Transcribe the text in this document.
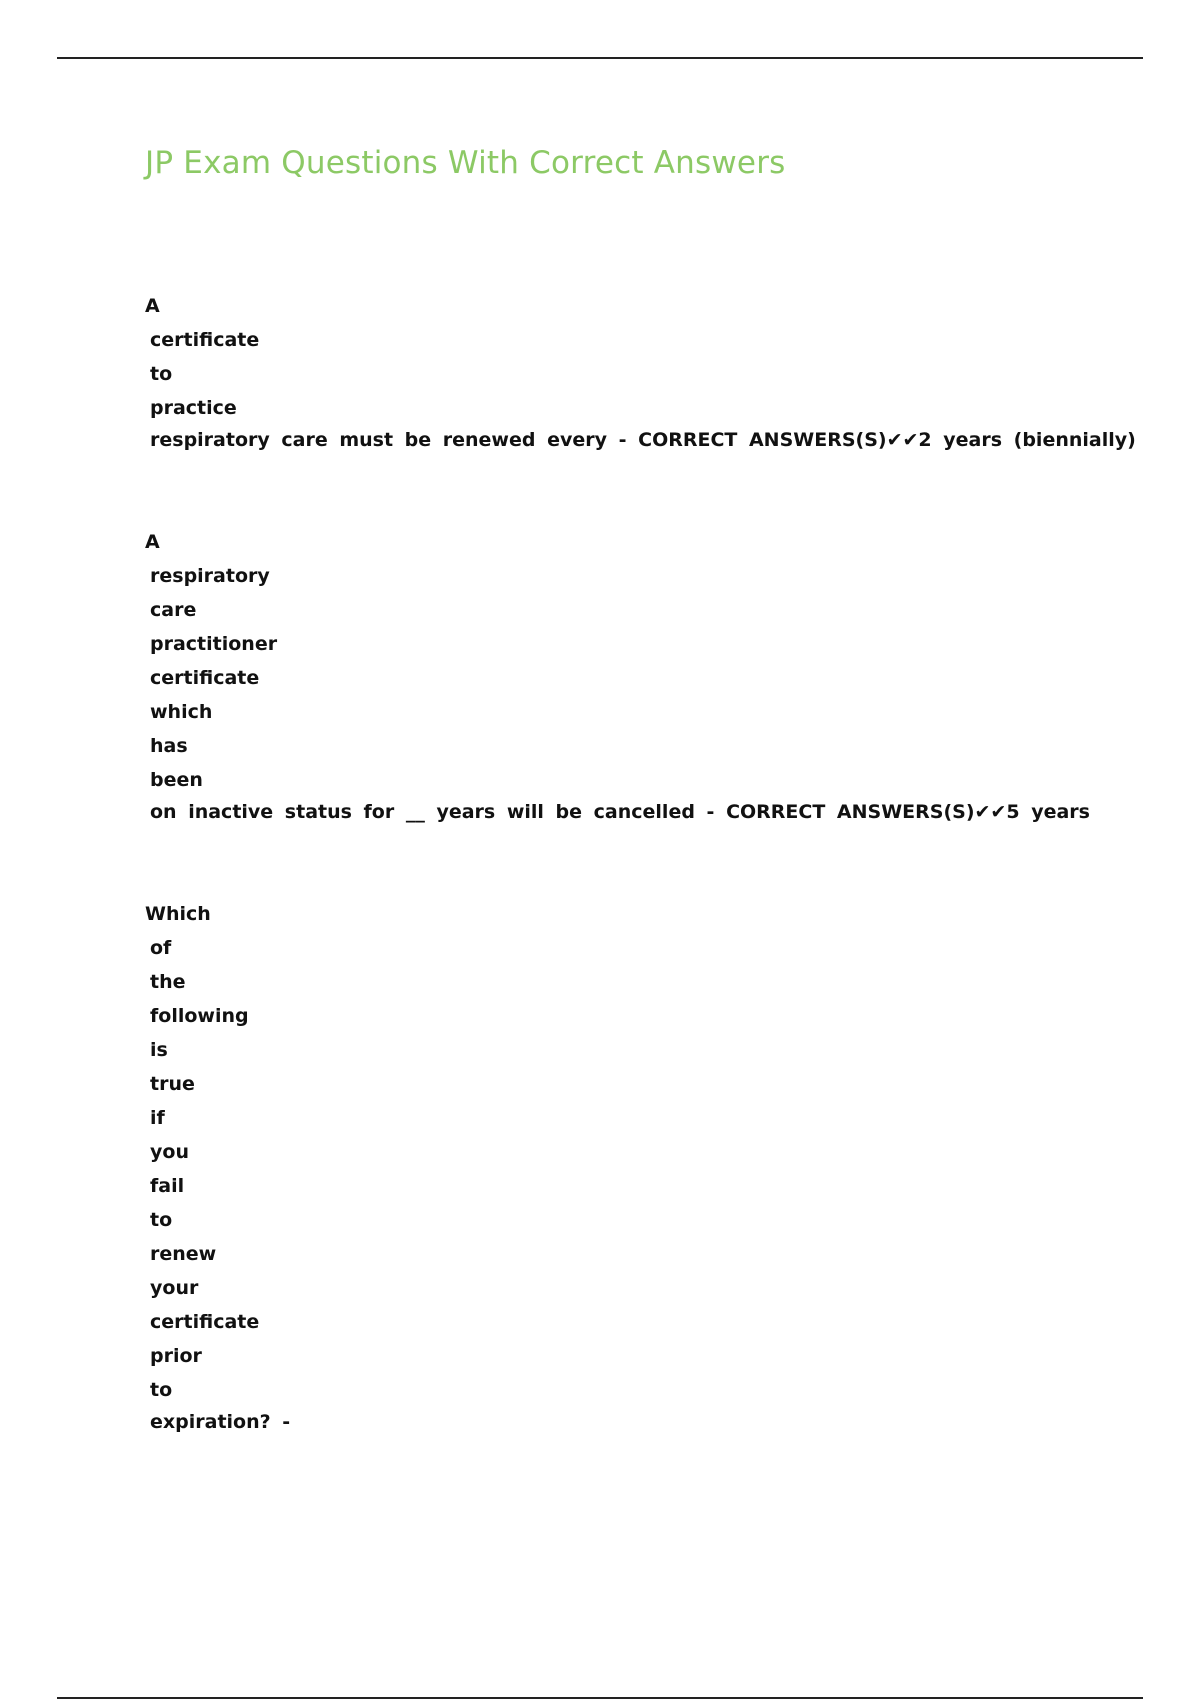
JP Exam Questions With Correct Answers
A
certificate
to
practice
respiratory care must be renewed every - CORRECT ANSWERS(S)✔✔2 years (biennially)
A
respiratory
care
practitioner
certificate
which
has
been
on inactive status for __ years will be cancelled - CORRECT ANSWERS(S)✔✔5 years
Which
of
the
following
is
true
if
you
fail
to
renew
your
certificate
prior
to
expiration? -
